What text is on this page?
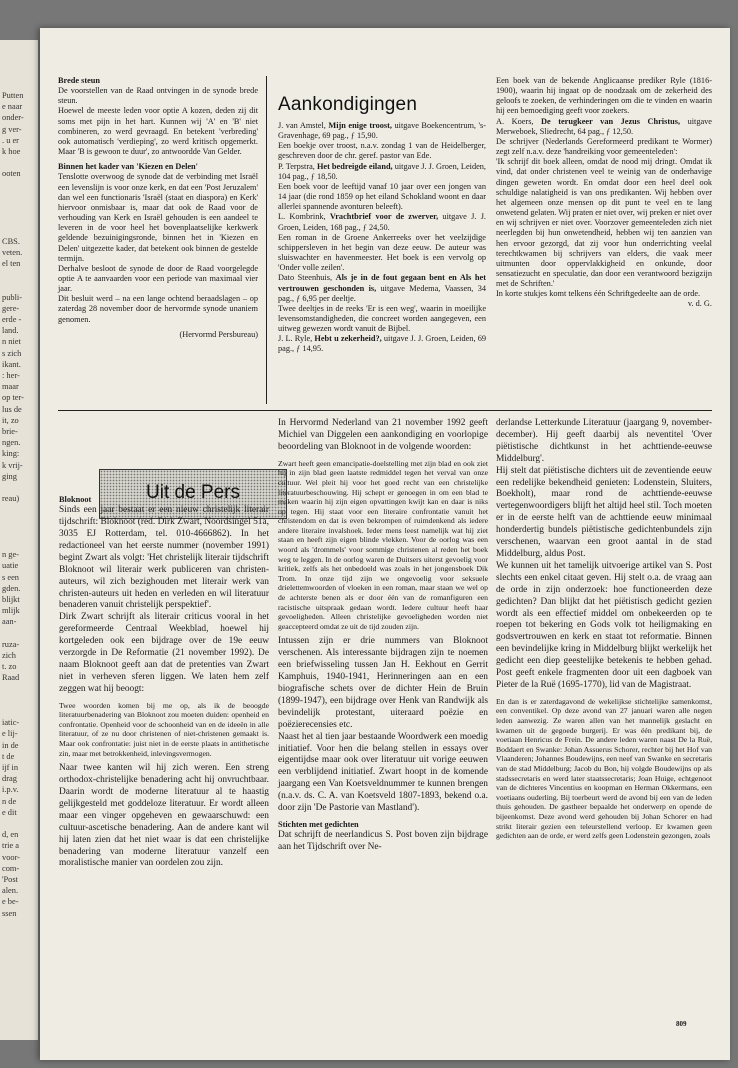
Putten
e naar
onder-
g ver-
. u er
k hoe
ooten
CBS.
veten.
el ten
publi-
gere-
erde -
land.
n niet
s zich
ikant.
: her-
maar
op ter-
lus de
it, zo
brie-
ngen.
king:
k vrij-
ging
reau)
n ge-
uatie
s een
gden.
blijkt
mlijk
aan-
ruza-
zich
t. zo
Raad
iatic-
e lij-
in de
t de
ijf in
drag
i.p.v.
n de
e dit
d, en
trie a
voor-
com-
'Post
alen.
e be-
ssen

Brede steun

De voorstellen van de Raad ontvingen in de synode brede steun.

Hoewel de meeste leden voor optie A kozen, deden zij dit soms met pijn in het hart. Kunnen wij 'A' en 'B' niet combineren, zo werd gevraagd. En betekent 'verbreding' ook automatisch 'verdieping', zo werd kritisch opgemerkt. Maar 'B is gewoon te duur', zo antwoordde Van Gelder.

Binnen het kader van 'Kiezen en Delen'

Tenslotte overwoog de synode dat de verbinding met Israël een levenslijn is voor onze kerk, en dat een 'Post Jeruzalem' dan wel een functionaris 'Israël (staat en diaspora) en Kerk' hiervoor onmisbaar is, maar dat ook de Raad voor de verhouding van Kerk en Israël gehouden is een aandeel te leveren in de voor heel het bovenplaatselijke kerkwerk geldende bezuinigingsronde, binnen het in 'Kiezen en Delen' uitgezette kader, dat betekent ook binnen de gestelde termijn.

Derhalve besloot de synode de door de Raad voorgelegde optie A te aanvaarden voor een periode van maximaal vier jaar.

Dit besluit werd – na een lange ochtend beraadslagen – op zaterdag 28 november door de hervormde synode unaniem genomen.

(Hervormd Persbureau)

Aankondigingen

J. van Amstel, Mijn enige troost, uitgave Boekencentrum, 's-Gravenhage, 69 pag., ƒ 15,90.

Een boekje over troost, n.a.v. zondag 1 van de Heidelberger, geschreven door de chr. geref. pastor van Ede.

P. Terpstra, Het bedreigde eiland, uitgave J. J. Groen, Leiden, 104 pag., ƒ 18,50.

Een boek voor de leeftijd vanaf 10 jaar over een jongen van 14 jaar (die rond 1859 op het eiland Schokland woont en daar allerlei spannende avonturen beleeft).

L. Kombrink, Vrachtbrief voor de zwerver, uitgave J. J. Groen, Leiden, 168 pag., ƒ 24,50.

Een roman in de Groene Ankerreeks over het veelzijdige schippersleven in het begin van deze eeuw. De auteur was sluiswachter en havenmeester. Het boek is een vervolg op 'Onder volle zeilen'.

Dato Steenhuis, Als je in de fout gegaan bent en Als het vertrouwen geschonden is, uitgave Medema, Vaassen, 34 pag., ƒ 6,95 per deeltje.

Twee deeltjes in de reeks 'Er is een weg', waarin in moeilijke levensomstandigheden, die concreet worden aangegeven, een uitweg gewezen wordt vanuit de Bijbel.

J. L. Ryle, Hebt u zekerheid?, uitgave J. J. Groen, Leiden, 69 pag., ƒ 14,95.

Een boek van de bekende Anglicaanse prediker Ryle (1816-1900), waarin hij ingaat op de noodzaak om de zekerheid des geloofs te zoeken, de verhinderingen om die te vinden en waarin hij een bemoediging geeft voor zoekers.

A. Koers, De terugkeer van Jezus Christus, uitgave Merweboek, Sliedrecht, 64 pag., ƒ 12,50.

De schrijver (Nederlands Gereformeerd predikant te Wormer) zegt zelf n.a.v. deze 'handreiking voor gemeenteleden':

'Ik schrijf dit boek alleen, omdat de nood mij dringt. Omdat ik vind, dat onder christenen veel te weinig van de onderhavige dingen geweten wordt. En omdat door een heel deel ook schuldige nalatigheid is van ons predikanten. Wij hebben over het algemeen onze mensen op dit punt te veel en te lang onwetend gelaten. Wij praten er niet over, wij preken er niet over en wij schrijven er niet over. Voorzover gemeenteleden zich niet neerlegden bij hun onwetendheid, hebben wij ten aanzien van hen ervoor gezorgd, dat zij voor hun onderrichting veelal terechtkwamen bij schrijvers van elders, die vaak meer uitmunten door oppervlakkigheid en onkunde, door sensatiezucht en speculatie, dan door een verantwoord bezigzijn met de Schriften.'

In korte stukjes komt telkens één Schriftgedeelte aan de orde.

v. d. G.

Uit de Pers

Bloknoot

Sinds een jaar bestaat er een nieuw christelijk literair tijdschrift: Bloknoot (red. Dirk Zwart, Noordsingel 51a, 3035 EJ Rotterdam, tel. 010-4666862). In het redactioneel van het eerste nummer (november 1991) begint Zwart als volgt: 'Het christelijk literair tijdschrift Bloknoot wil literair werk publiceren van christen-auteurs, wil zich bezighouden met literair werk van christen-auteurs uit heden en verleden en wil literatuur benaderen vanuit christelijk perspektief'.

Dirk Zwart schrijft als literair criticus vooral in het gereformeerde Centraal Weekblad, hoewel hij kortgeleden ook een bijdrage over de 19e eeuw verzorgde in De Reformatie (21 november 1992). De naam Bloknoot geeft aan dat de pretenties van Zwart niet in verheven sferen liggen. We laten hem zelf zeggen wat hij beoogt:

Twee woorden komen bij me op, als ik de beoogde literatuurbenadering van Bloknoot zou moeten duiden: openheid en confrontatie. Openheid voor de schoonheid van en de ideeën in alle literatuur, of ze nu door christenen of niet-christenen gemaakt is. Maar ook confrontatie: juist niet in de eerste plaats in antithetische zin, maar met betrokkenheid, inlevingsvermogen.

Naar twee kanten wil hij zich weren. Een streng orthodox-christelijke benadering acht hij onvruchtbaar. Daarin wordt de moderne literatuur al te haastig gelijkgesteld met goddeloze literatuur. Er wordt alleen maar een vinger opgeheven en gewaarschuwd: een cultuur-ascetische benadering. Aan de andere kant wil hij laten zien dat het niet waar is dat een christelijke benadering van moderne literatuur vanzelf een moralistische manier van oordelen zou zijn.

In Hervormd Nederland van 21 november 1992 geeft Michiel van Diggelen een aankondiging en voorlopige beoordeling van Bloknoot in de volgende woorden:

Zwart heeft geen emancipatie-doelstelling met zijn blad en ook ziet hij in zijn blad geen laatste redmiddel tegen het verval van onze cultuur. Wel pleit hij voor het goed recht van een christelijke literatuurbeschouwing. Hij schept er genoegen in om een blad te maken waarin hij zijn eigen opvattingen kwijt kan en daar is niks op tegen. Hij staat voor een literaire confrontatie vanuit het christendom en dat is even bekrompen of ruimdenkend als iedere andere literaire invalshoek. Ieder mens leest namelijk wat hij ziet staan en heeft zijn eigen blinde vlekken. Voor de oorlog was een woord als 'drommels' voor sommige christenen al reden het boek weg te leggen. In de oorlog waren de Duitsers uiterst gevoelig voor kritiek, zelfs als het onbedoeld was zoals in het jongensboek Dik Trom. In onze tijd zijn we ongevoelig voor seksuele drielettemwoorden of vloeken in een roman, maar staan we wel op de achterste benen als er door één van de romanfiguren een racistische uitspraak gedaan wordt. Iedere cultuur heeft haar gevoeligheden. Alleen christelijke gevoeligheden worden niet geaccepteerd omdat ze uit de tijd zouden zijn.

Intussen zijn er drie nummers van Bloknoot verschenen. Als interessante bijdragen zijn te noemen een briefwisseling tussen Jan H. Eekhout en Gerrit Kamphuis, 1940-1941, Herinneringen aan en een biografische schets over de dichter Hein de Bruin (1899-1947), een bijdrage over Henk van Randwijk als bevindelijk protestant, uiteraard poëzie en poëzierecensies etc.

Naast het al tien jaar bestaande Woordwerk een moedig initiatief. Voor hen die belang stellen in essays over eigentijdse maar ook over literatuur uit vorige eeuwen een verblijdend initiatief. Zwart hoopt in de komende jaargang een Van Koetsveldnummer te kunnen brengen (n.a.v. ds. C. A. van Koetsveld 1807-1893, bekend o.a. door zijn 'De Pastorie van Mastland').

Stichten met gedichten

Dat schrijft de neerlandicus S. Post boven zijn bijdrage aan het Tijdschrift over Ne-

derlandse Letterkunde Literatuur (jaargang 9, november-december). Hij geeft daarbij als neventitel 'Over piëtistische dichtkunst in het achttiende-eeuwse Middelburg'.

Hij stelt dat piëtistische dichters uit de zeventiende eeuw een redelijke bekendheid genieten: Lodenstein, Sluiters, Boekholt), maar rond de achttiende-eeuwse vertegenwoordigers blijft het altijd heel stil. Toch moeten er in de eerste helft van de achttiende eeuw minimaal honderdertig bundels piëtistische gedichtenbundels zijn verschenen, waarvan een groot aantal in de stad Middelburg, aldus Post.

We kunnen uit het tamelijk uitvoerige artikel van S. Post slechts een enkel citaat geven. Hij stelt o.a. de vraag aan de orde in zijn onderzoek: hoe functioneerden deze gedichten? Dan blijkt dat het piëtistisch gedicht gezien wordt als een effectief middel om onbekeerden op te roepen tot bekering en Gods volk tot heiligmaking en godsvertrouwen en kerk en staat tot reformatie. Binnen een bevindelijke kring in Middelburg blijkt werkelijk het gedicht een diep geestelijke betekenis te hebben gehad. Post geeft enkele fragmenten door uit een dagboek van Pieter de la Ruë (1695-1770), lid van de Magistraat.

En dan is er zaterdagavond de wekelijkse stichtelijke samenkomst, een conventikel. Op deze avond van 27 januari waren alle negen leden aanwezig. Ze waren allen van het mannelijk geslacht en kwamen uit de gegoede burgerij. Er was één predikant bij, de voetiaan Henricus de Frein. De andere leden waren naast De la Ruë, Boddaert en Swanke: Johan Assuerus Schorer, rechter bij het Hof van Vlaanderen; Johannes Boudewijns, een neef van Swanke en secretaris van de stad Middelburg; Jacob du Bon, hij volgde Boudewijns op als stadssecretaris en werd later staatssecretaris; Joan Huige, echtgenoot van de dichteres Vincentius en koopman en Herman Okkermans, een voetiaans ouderling. Bij toerbeurt werd de avond bij een van de leden thuis gehouden. De gastheer bepaalde het onderwerp en opende de bijeenkomst. Deze avond werd gehouden bij Johan Schorer en had strikt literair gezien een teleurstellend verloop. Er kwamen geen gedichten aan de orde, er werd zelfs geen Lodenstein gezongen, zoals

809
